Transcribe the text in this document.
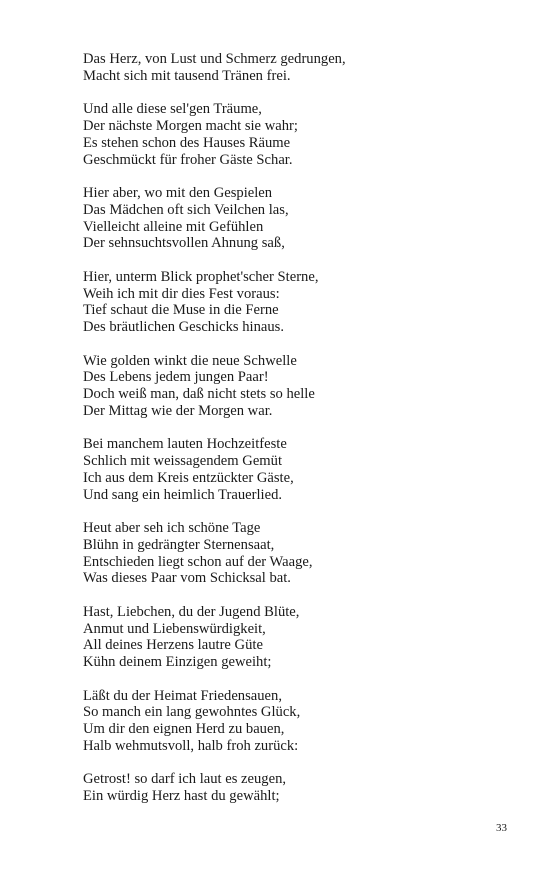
Das Herz, von Lust und Schmerz gedrungen,
Macht sich mit tausend Tränen frei.
Und alle diese sel'gen Träume,
Der nächste Morgen macht sie wahr;
Es stehen schon des Hauses Räume
Geschmückt für froher Gäste Schar.
Hier aber, wo mit den Gespielen
Das Mädchen oft sich Veilchen las,
Vielleicht alleine mit Gefühlen
Der sehnsuchtsvollen Ahnung saß,
Hier, unterm Blick prophet'scher Sterne,
Weih ich mit dir dies Fest voraus:
Tief schaut die Muse in die Ferne
Des bräutlichen Geschicks hinaus.
Wie golden winkt die neue Schwelle
Des Lebens jedem jungen Paar!
Doch weiß man, daß nicht stets so helle
Der Mittag wie der Morgen war.
Bei manchem lauten Hochzeitfeste
Schlich mit weissagendem Gemüt
Ich aus dem Kreis entzückter Gäste,
Und sang ein heimlich Trauerlied.
Heut aber seh ich schöne Tage
Blühn in gedrängter Sternensaat,
Entschieden liegt schon auf der Waage,
Was dieses Paar vom Schicksal bat.
Hast, Liebchen, du der Jugend Blüte,
Anmut und Liebenswürdigkeit,
All deines Herzens lautre Güte
Kühn deinem Einzigen geweiht;
Läßt du der Heimat Friedensauen,
So manch ein lang gewohntes Glück,
Um dir den eignen Herd zu bauen,
Halb wehmutsvoll, halb froh zurück:
Getrost! so darf ich laut es zeugen,
Ein würdig Herz hast du gewählt;
33
